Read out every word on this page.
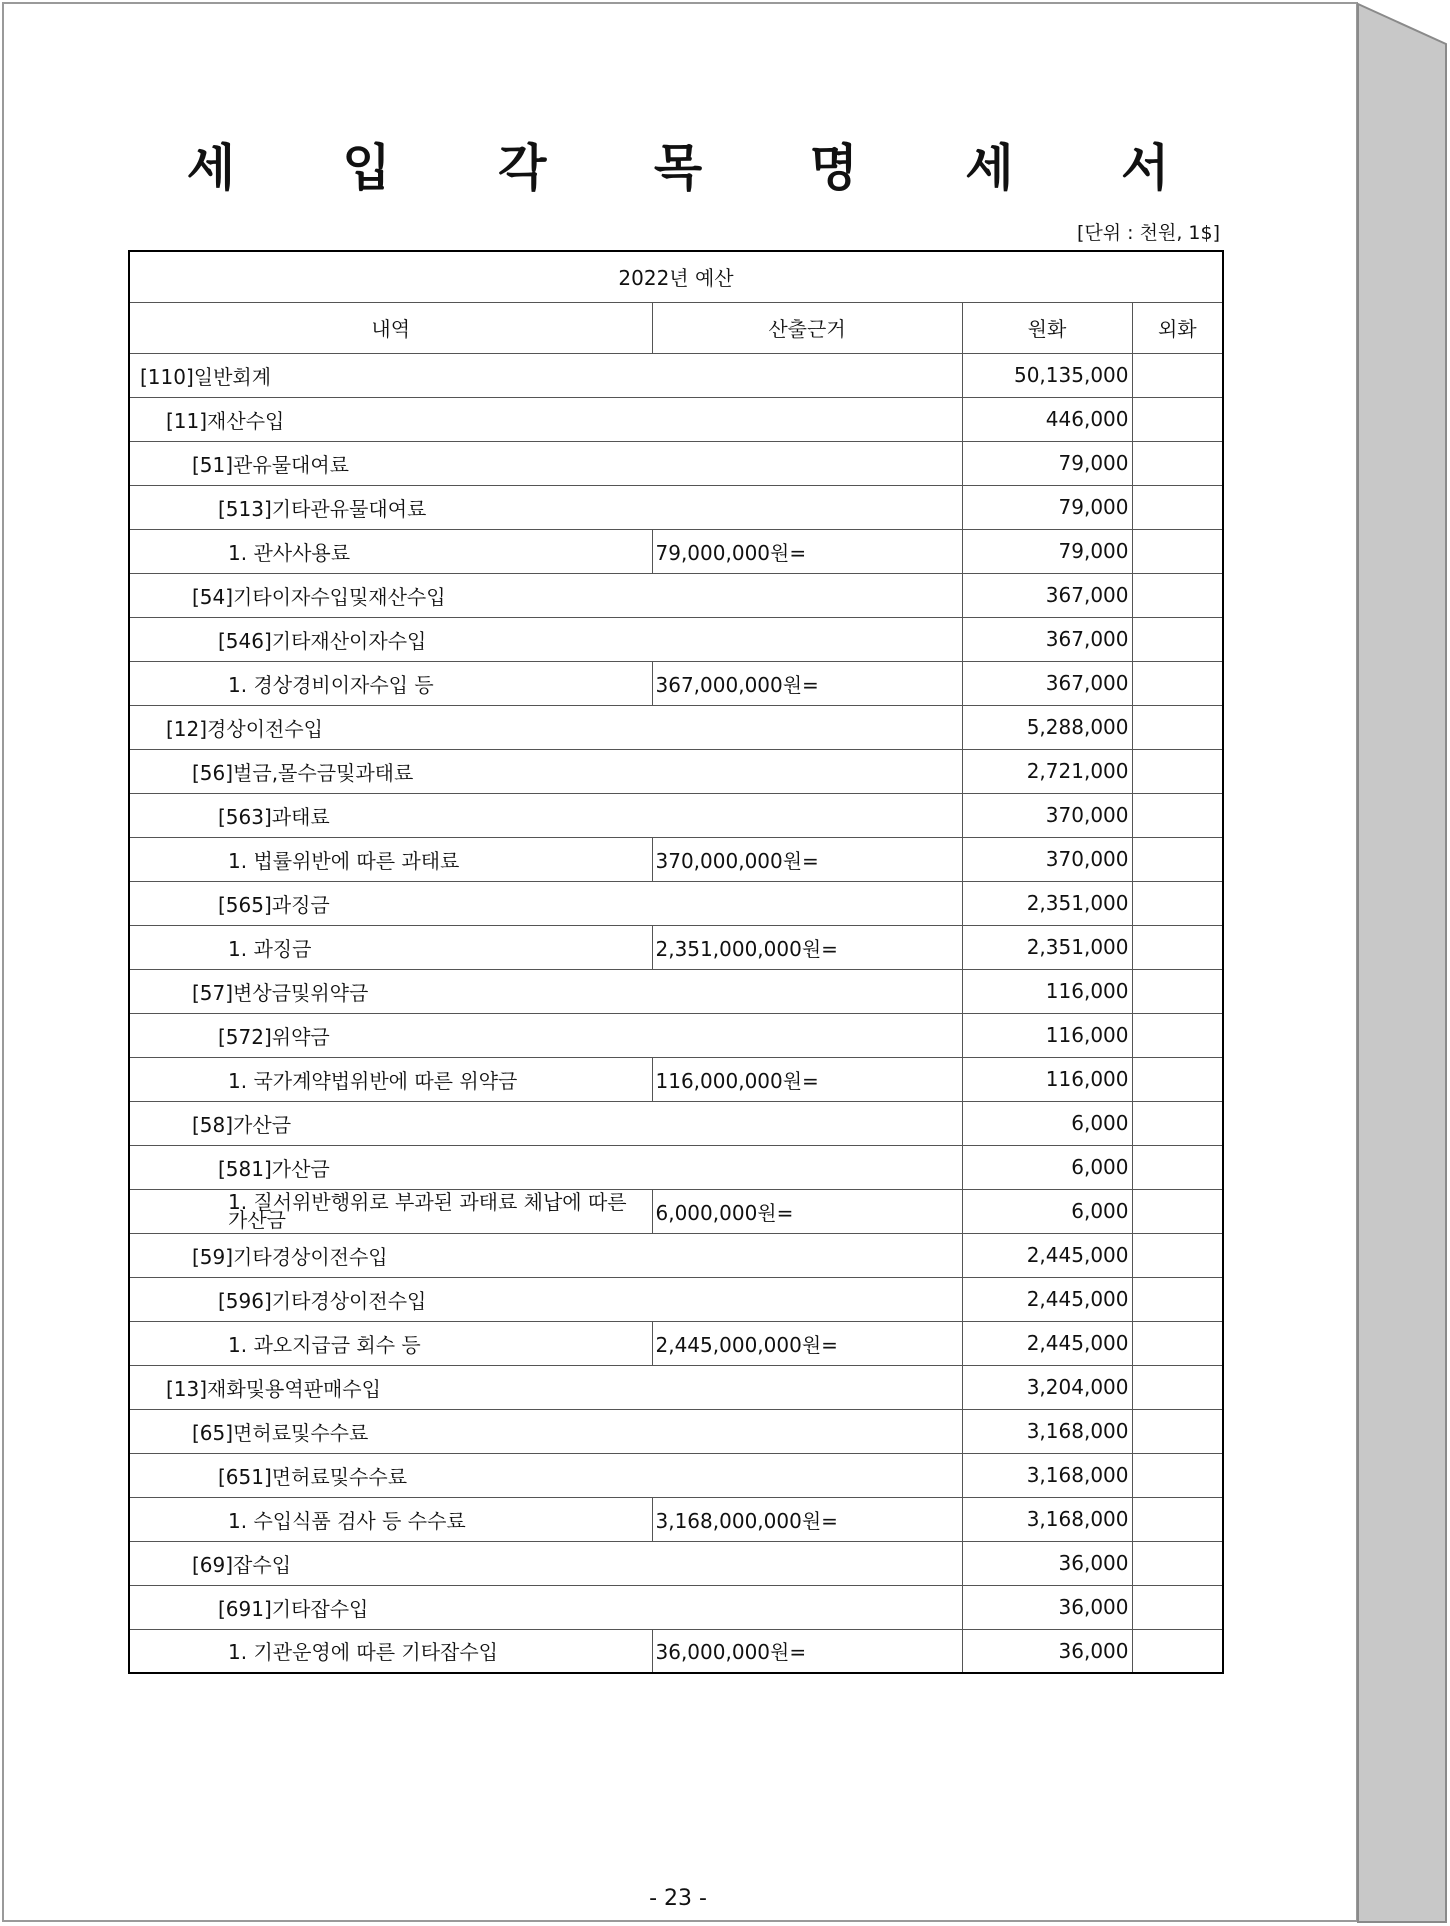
세 입 각 목 명 세 서
[단위 : 천원, 1$]
2022년 예산			
내역	산출근거	원화	외화
[110]일반회계		50,135,000	
[11]재산수입		446,000	
[51]관유물대여료		79,000	
[513]기타관유물대여료		79,000	
1. 관사사용료	79,000,000원=	79,000	
[54]기타이자수입및재산수입		367,000	
[546]기타재산이자수입		367,000	
1. 경상경비이자수입 등	367,000,000원=	367,000	
[12]경상이전수입		5,288,000	
[56]벌금,몰수금및과태료		2,721,000	
[563]과태료		370,000	
1. 법률위반에 따른 과태료	370,000,000원=	370,000	
[565]과징금		2,351,000	
1. 과징금	2,351,000,000원=	2,351,000	
[57]변상금및위약금		116,000	
[572]위약금		116,000	
1. 국가계약법위반에 따른 위약금	116,000,000원=	116,000	
[58]가산금		6,000	
[581]가산금		6,000	
1. 질서위반행위로 부과된 과태료 체납에 따른 가산금	6,000,000원=	6,000	
[59]기타경상이전수입		2,445,000	
[596]기타경상이전수입		2,445,000	
1. 과오지급금 회수 등	2,445,000,000원=	2,445,000	
[13]재화및용역판매수입		3,204,000	
[65]면허료및수수료		3,168,000	
[651]면허료및수수료		3,168,000	
1. 수입식품 검사 등 수수료	3,168,000,000원=	3,168,000	
[69]잡수입		36,000	
[691]기타잡수입		36,000	
1. 기관운영에 따른 기타잡수입	36,000,000원=	36,000	
- 23 -
